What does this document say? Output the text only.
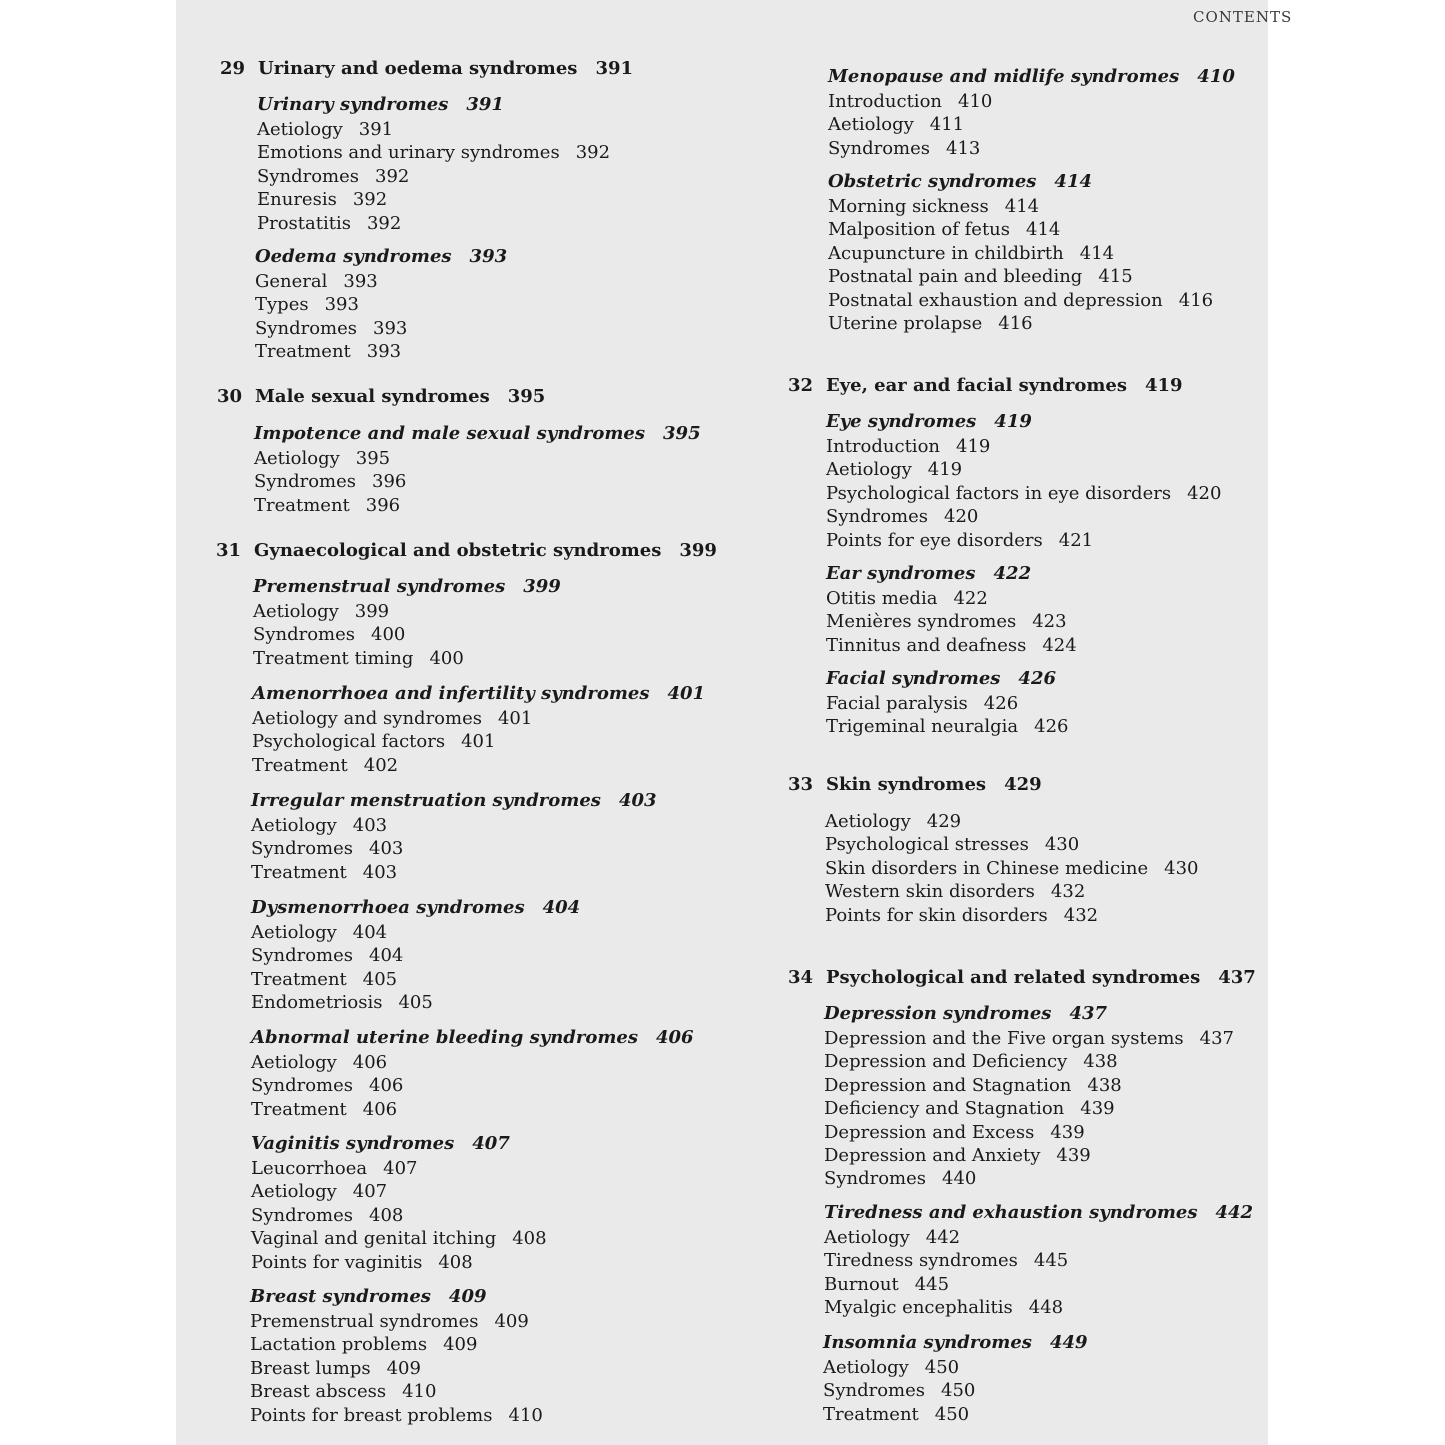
CONTENTS
29 Urinary and oedema syndromes 391
Urinary syndromes 391
Aetiology 391
Emotions and urinary syndromes 392
Syndromes 392
Enuresis 392
Prostatitis 392
Oedema syndromes 393
General 393
Types 393
Syndromes 393
Treatment 393
30 Male sexual syndromes 395
Impotence and male sexual syndromes 395
Aetiology 395
Syndromes 396
Treatment 396
31 Gynaecological and obstetric syndromes 399
Premenstrual syndromes 399
Aetiology 399
Syndromes 400
Treatment timing 400
Amenorrhoea and infertility syndromes 401
Aetiology and syndromes 401
Psychological factors 401
Treatment 402
Irregular menstruation syndromes 403
Aetiology 403
Syndromes 403
Treatment 403
Dysmenorrhoea syndromes 404
Aetiology 404
Syndromes 404
Treatment 405
Endometriosis 405
Abnormal uterine bleeding syndromes 406
Aetiology 406
Syndromes 406
Treatment 406
Vaginitis syndromes 407
Leucorrhoea 407
Aetiology 407
Syndromes 408
Vaginal and genital itching 408
Points for vaginitis 408
Breast syndromes 409
Premenstrual syndromes 409
Lactation problems 409
Breast lumps 409
Breast abscess 410
Points for breast problems 410
Menopause and midlife syndromes 410
Introduction 410
Aetiology 411
Syndromes 413
Obstetric syndromes 414
Morning sickness 414
Malposition of fetus 414
Acupuncture in childbirth 414
Postnatal pain and bleeding 415
Postnatal exhaustion and depression 416
Uterine prolapse 416
32 Eye, ear and facial syndromes 419
Eye syndromes 419
Introduction 419
Aetiology 419
Psychological factors in eye disorders 420
Syndromes 420
Points for eye disorders 421
Ear syndromes 422
Otitis media 422
Menières syndromes 423
Tinnitus and deafness 424
Facial syndromes 426
Facial paralysis 426
Trigeminal neuralgia 426
33 Skin syndromes 429
Aetiology 429
Psychological stresses 430
Skin disorders in Chinese medicine 430
Western skin disorders 432
Points for skin disorders 432
34 Psychological and related syndromes 437
Depression syndromes 437
Depression and the Five organ systems 437
Depression and Deficiency 438
Depression and Stagnation 438
Deficiency and Stagnation 439
Depression and Excess 439
Depression and Anxiety 439
Syndromes 440
Tiredness and exhaustion syndromes 442
Aetiology 442
Tiredness syndromes 445
Burnout 445
Myalgic encephalitis 448
Insomnia syndromes 449
Aetiology 450
Syndromes 450
Treatment 450
